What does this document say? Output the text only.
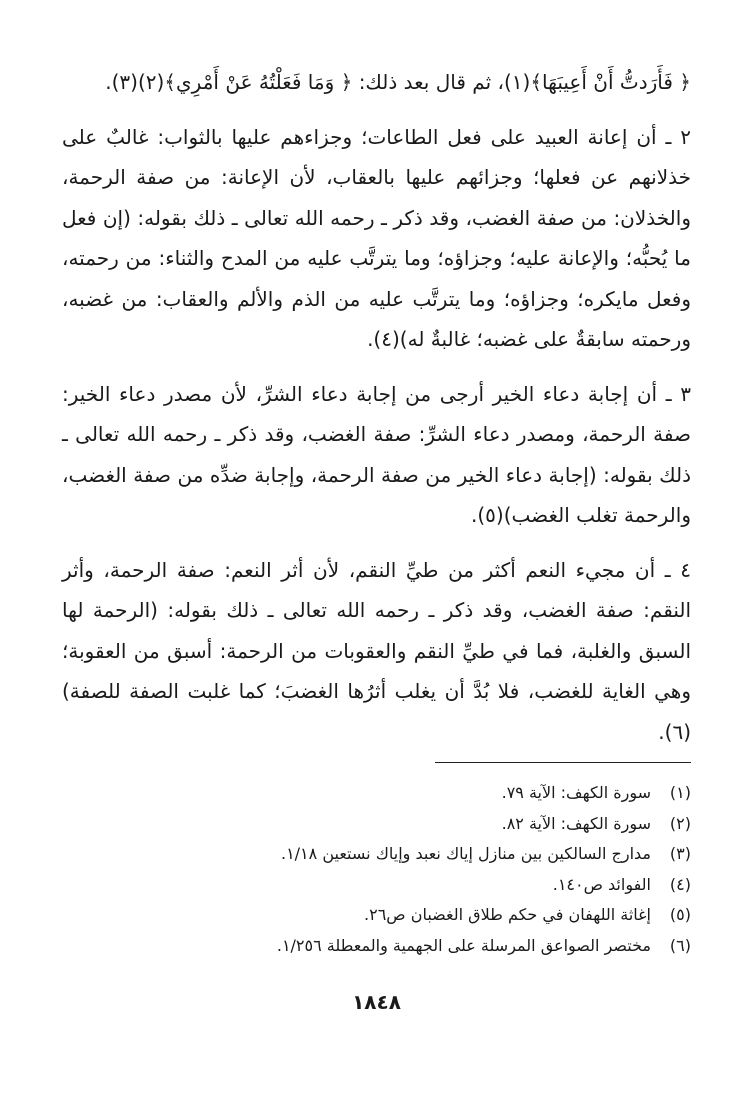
﴿ فَأَرَدتُّ أَنْ أَعِيبَهَا﴾(١)، ثم قال بعد ذلك: ﴿ وَمَا فَعَلْتُهُ عَنْ أَمْرِي﴾(٢)(٣).

٢ ـ أن إعانة العبيد على فعل الطاعات؛ وجزاءهم عليها بالثواب: غالبٌ على خذلانهم عن فعلها؛ وجزائهم عليها بالعقاب، لأن الإعانة: من صفة الرحمة، والخذلان: من صفة الغضب، وقد ذكر ـ رحمه الله تعالى ـ ذلك بقوله: (إن فعل ما يُحبُّه؛ والإعانة عليه؛ وجزاؤه؛ وما يترتَّب عليه من المدح والثناء: من رحمته، وفعل مايكره؛ وجزاؤه؛ وما يترتَّب عليه من الذم والألم والعقاب: من غضبه، ورحمته سابقةٌ على غضبه؛ غالبةٌ له)(٤).

٣ ـ أن إجابة دعاء الخير أرجى من إجابة دعاء الشرِّ، لأن مصدر دعاء الخير: صفة الرحمة، ومصدر دعاء الشرِّ: صفة الغضب، وقد ذكر ـ رحمه الله تعالى ـ ذلك بقوله: (إجابة دعاء الخير من صفة الرحمة، وإجابة ضدِّه من صفة الغضب، والرحمة تغلب الغضب)(٥).

٤ ـ أن مجيء النعم أكثر من طيِّ النقم، لأن أثر النعم: صفة الرحمة، وأثر النقم: صفة الغضب، وقد ذكر ـ رحمه الله تعالى ـ ذلك بقوله: (الرحمة لها السبق والغلبة، فما في طيِّ النقم والعقوبات من الرحمة: أسبق من العقوبة؛ وهي الغاية للغضب، فلا بُدَّ أن يغلب أثرُها الغضبَ؛ كما غلبت الصفة للصفة)(٦).

(١)سورة الكهف: الآية ٧٩.
(٢)سورة الكهف: الآية ٨٢.
(٣)مدارج السالكين بين منازل إياك نعبد وإياك نستعين ١/١٨.
(٤)الفوائد ص١٤٠.
(٥)إغاثة اللهفان في حكم طلاق الغضبان ص٢٦.
(٦)مختصر الصواعق المرسلة على الجهمية والمعطلة ١/٢٥٦.
١٨٤٨
